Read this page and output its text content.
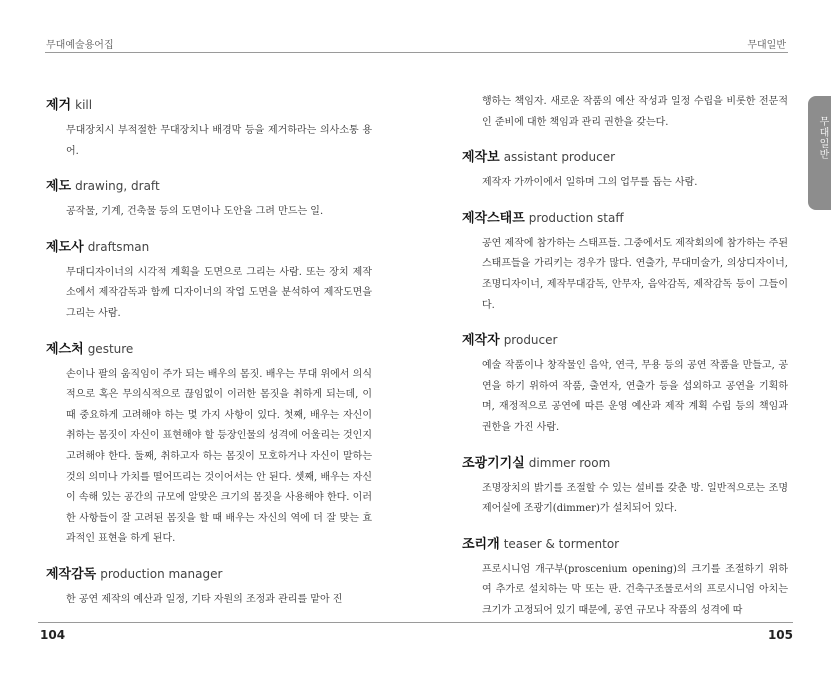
무대예술용어집	무대일반
무대일반
제거 kill

무대장치시 부적절한 무대장치나 배경막 등을 제거하라는 의사소통 용어.

제도 drawing, draft

공작물, 기계, 건축물 등의 도면이나 도안을 그려 만드는 일.

제도사 draftsman

무대디자이너의 시각적 계획을 도면으로 그리는 사람. 또는 장치 제작소에서 제작감독과 함께 디자이너의 작업 도면을 분석하여 제작도면을 그리는 사람.

제스처 gesture

손이나 팔의 움직임이 주가 되는 배우의 몸짓. 배우는 무대 위에서 의식적으로 혹은 무의식적으로 끊임없이 이러한 몸짓을 취하게 되는데, 이때 중요하게 고려해야 하는 몇 가지 사항이 있다. 첫째, 배우는 자신이 취하는 몸짓이 자신이 표현해야 할 등장인물의 성격에 어울리는 것인지 고려해야 한다. 둘째, 취하고자 하는 몸짓이 모호하거나 자신이 말하는 것의 의미나 가치를 떨어뜨리는 것이어서는 안 된다. 셋째, 배우는 자신이 속해 있는 공간의 규모에 알맞은 크기의 몸짓을 사용해야 한다. 이러한 사항들이 잘 고려된 몸짓을 할 때 배우는 자신의 역에 더 잘 맞는 효과적인 표현을 하게 된다.

제작감독 production manager

한 공연 제작의 예산과 일정, 기타 자원의 조정과 관리를 맡아 진

행하는 책임자. 새로운 작품의 예산 작성과 일정 수립을 비롯한 전문적인 준비에 대한 책임과 관리 권한을 갖는다.

제작보 assistant producer

제작자 가까이에서 일하며 그의 업무를 돕는 사람.

제작스태프 production staff

공연 제작에 참가하는 스태프들. 그중에서도 제작회의에 참가하는 주된 스태프들을 가리키는 경우가 많다. 연출가, 무대미술가, 의상디자이너, 조명디자이너, 제작무대감독, 안무자, 음악감독, 제작감독 등이 그들이다.

제작자 producer

예술 작품이나 창작물인 음악, 연극, 무용 등의 공연 작품을 만들고, 공연을 하기 위하여 작품, 출연자, 연출가 등을 섭외하고 공연을 기획하며, 재정적으로 공연에 따른 운영 예산과 제작 계획 수립 등의 책임과 권한을 가진 사람.

조광기기실 dimmer room

조명장치의 밝기를 조절할 수 있는 설비를 갖춘 방. 일반적으로는 조명제어실에 조광기(dimmer)가 설치되어 있다.

조리개 teaser & tormentor

프로시니엄 개구부(proscenium opening)의 크기를 조절하기 위하여 추가로 설치하는 막 또는 판. 건축구조물로서의 프로시니엄 아치는 크기가 고정되어 있기 때문에, 공연 규모나 작품의 성격에 따

104	105
